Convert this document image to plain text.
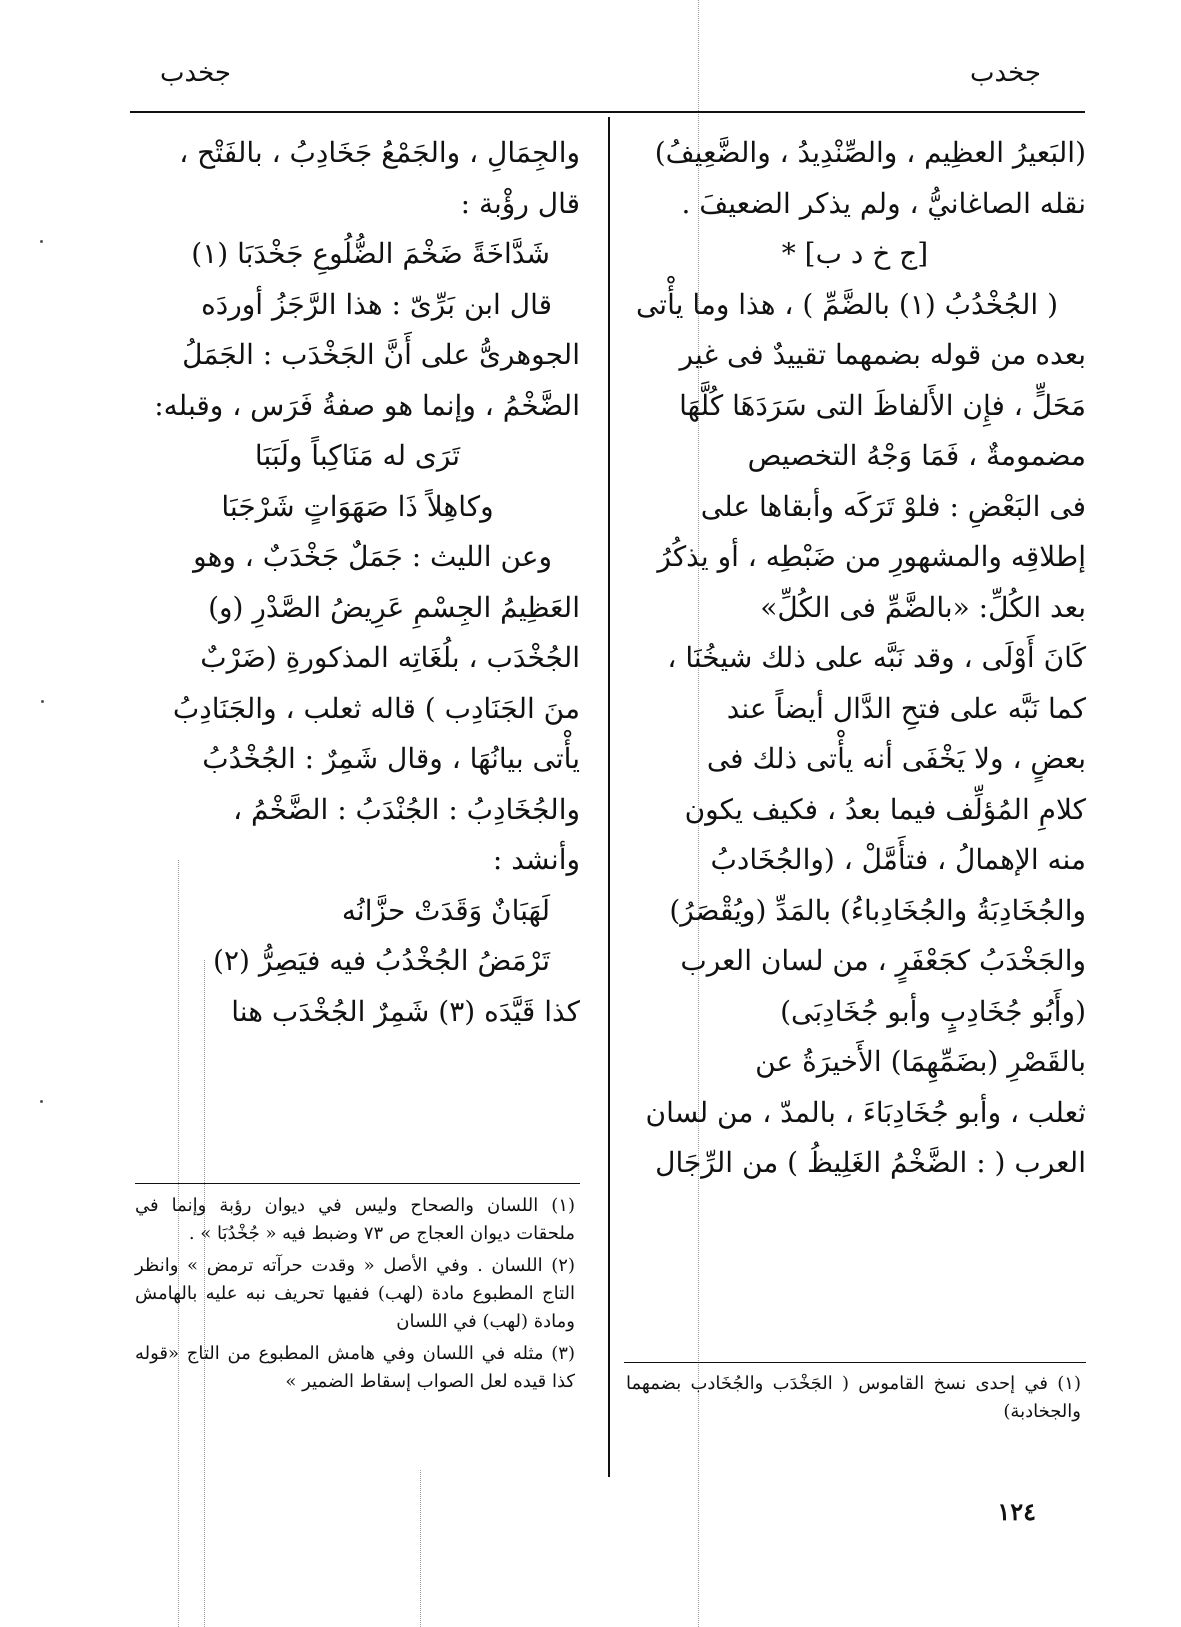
جخدب
جخدب

(البَعيرُ العظِيم ، والصِّنْدِيدُ ، والضَّعِيفُ)

نقله الصاغانيُّ ، ولم يذكر الضعيفَ .

[ج خ د ب] *

( الجُخْدُبُ (١) بالضَّمِّ ) ، هذا وما يأْتى

بعده من قوله بضمهما تقييدٌ فى غير

مَحَلٍّ ، فإِن الأَلفاظَ التى سَرَدَهَا كُلَّهَا

مضمومةٌ ، فَمَا وَجْهُ التخصيص

فى البَعْضِ : فلوْ تَرَكَه وأبقاها على

إطلاقِه والمشهورِ من ضَبْطِه ، أو يذكُرُ

بعد الكُلِّ: «بالضَّمِّ فى الكُلِّ»

كَانَ أَوْلَى ، وقد نَبَّه على ذلك شيخُنَا ،

كما نَبَّه على فتحِ الدَّال أيضاً عند

بعضٍ ، ولا يَخْفَى أنه يأْتى ذلك فى

كلامِ المُؤلِّف فيما بعدُ ، فكيف يكون

منه الإهمالُ ، فتأَمَّلْ ، (والجُخَادبُ

والجُخَادِبَةُ والجُخَادِباءُ) بالمَدِّ (ويُقْصَرُ)

والجَخْدَبُ كجَعْفَرٍ ، من لسان العرب

(وأَبُو جُخَادِبٍ وأبو جُخَادِبَى)

بالقَصْرِ (بضَمِّهِمَا) الأَخيرَةُ عن

ثعلب ، وأبو جُخَادِبَاءَ ، بالمدّ ، من لسان

العرب ( : الضَّخْمُ الغَلِيظُ ) من الرِّجَال

والجِمَالِ ، والجَمْعُ جَخَادِبُ ، بالفَتْح ،

قال رؤْبة :

شَدَّاخَةً ضَخْمَ الضُّلُوعِ جَخْدَبَا (١)

قال ابن بَرِّىّ : هذا الرَّجَزُ أوردَه

الجوهرىُّ على أَنَّ الجَخْدَب : الجَمَلُ

الضَّخْمُ ، وإنما هو صفةُ فَرَس ، وقبله:

تَرَى له مَنَاكِباً ولَبَبَا

وكاهِلاً ذَا صَهَوَاتٍ شَرْجَبَا

وعن الليث : جَمَلٌ جَخْدَبٌ ، وهو

العَظِيمُ الجِسْمِ عَرِيضُ الصَّدْرِ (و)

الجُخْدَب ، بلُغَاتِه المذكورةِ (ضَرْبٌ

منَ الجَنَادِب ) قاله ثعلب ، والجَنَادِبُ

يأْتى بيانُهَا ، وقال شَمِرٌ : الجُخْدُبُ

والجُخَادِبُ : الجُنْدَبُ : الضَّخْمُ ،

وأنشد :

لَهَبَانٌ وَقَدَتْ حزَّانُه

تَرْمَضُ الجُخْدُبُ فيه فيَصِرُّ (٢)

كذا قَيَّدَه (٣) شَمِرٌ الجُخْدَب هنا

(١) في إحدى نسخ القاموس ( الجَخْدَب والجُخَادب بضمهما والجخادبة)

(١) اللسان والصحاح وليس في ديوان رؤبة وإنما في ملحقات ديوان العجاج ص ٧٣ وضبط فيه « جُخْدُبَا » .

(٢) اللسان . وفي الأصل « وقدت حرآته ترمض » وانظر التاج المطبوع مادة (لهب) ففيها تحريف نبه عليه بالهامش ومادة (لهب) في اللسان

(٣) مثله في اللسان وفي هامش المطبوع من التاج «قوله كذا قيده لعل الصواب إسقاط الضمير »

١٢٤
